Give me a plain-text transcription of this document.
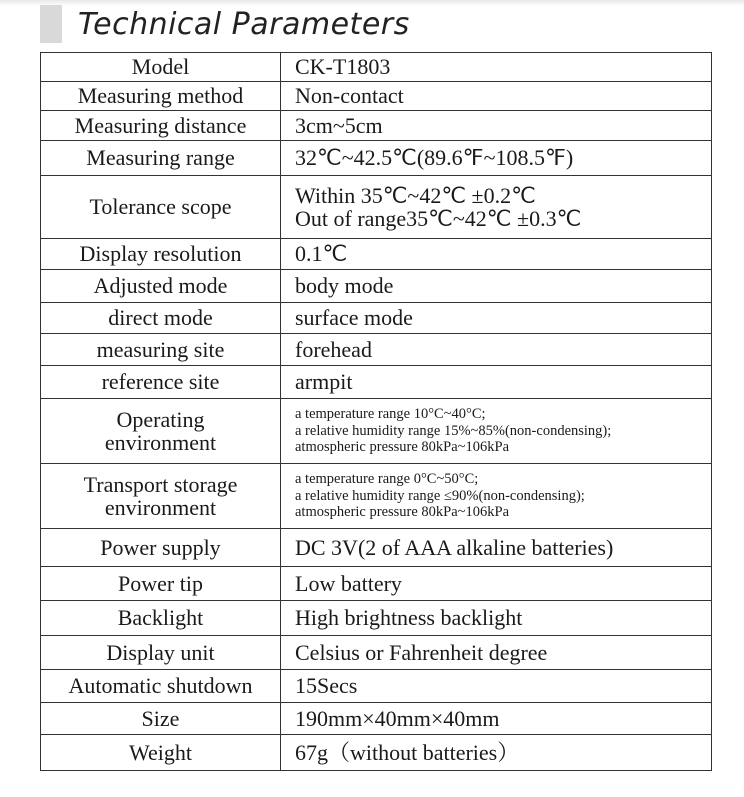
Technical Parameters
Model	CK-T1803
Measuring method	Non-contact
Measuring distance	3cm~5cm
Measuring range	32℃~42.5℃(89.6℉~108.5℉)
Tolerance scope	Within 35℃~42℃ ±0.2℃
Out of range35℃~42℃ ±0.3℃

Display resolution	0.1℃
Adjusted mode	body mode
direct mode	surface mode
measuring site	forehead
reference site	armpit

Operating
environment	a temperature range 10°C~40°C;
a relative humidity range 15%~85%(non-condensing);
atmospheric pressure 80kPa~106kPa

Transport storage
environment	a temperature range 0°C~50°C;
a relative humidity range ≤90%(non-condensing);
atmospheric pressure 80kPa~106kPa

Power supply	DC 3V(2 of AAA alkaline batteries)
Power tip	Low battery
Backlight	High brightness backlight
Display unit	Celsius or Fahrenheit degree
Automatic shutdown	15Secs
Size	190mm×40mm×40mm
Weight	67g（without batteries）
